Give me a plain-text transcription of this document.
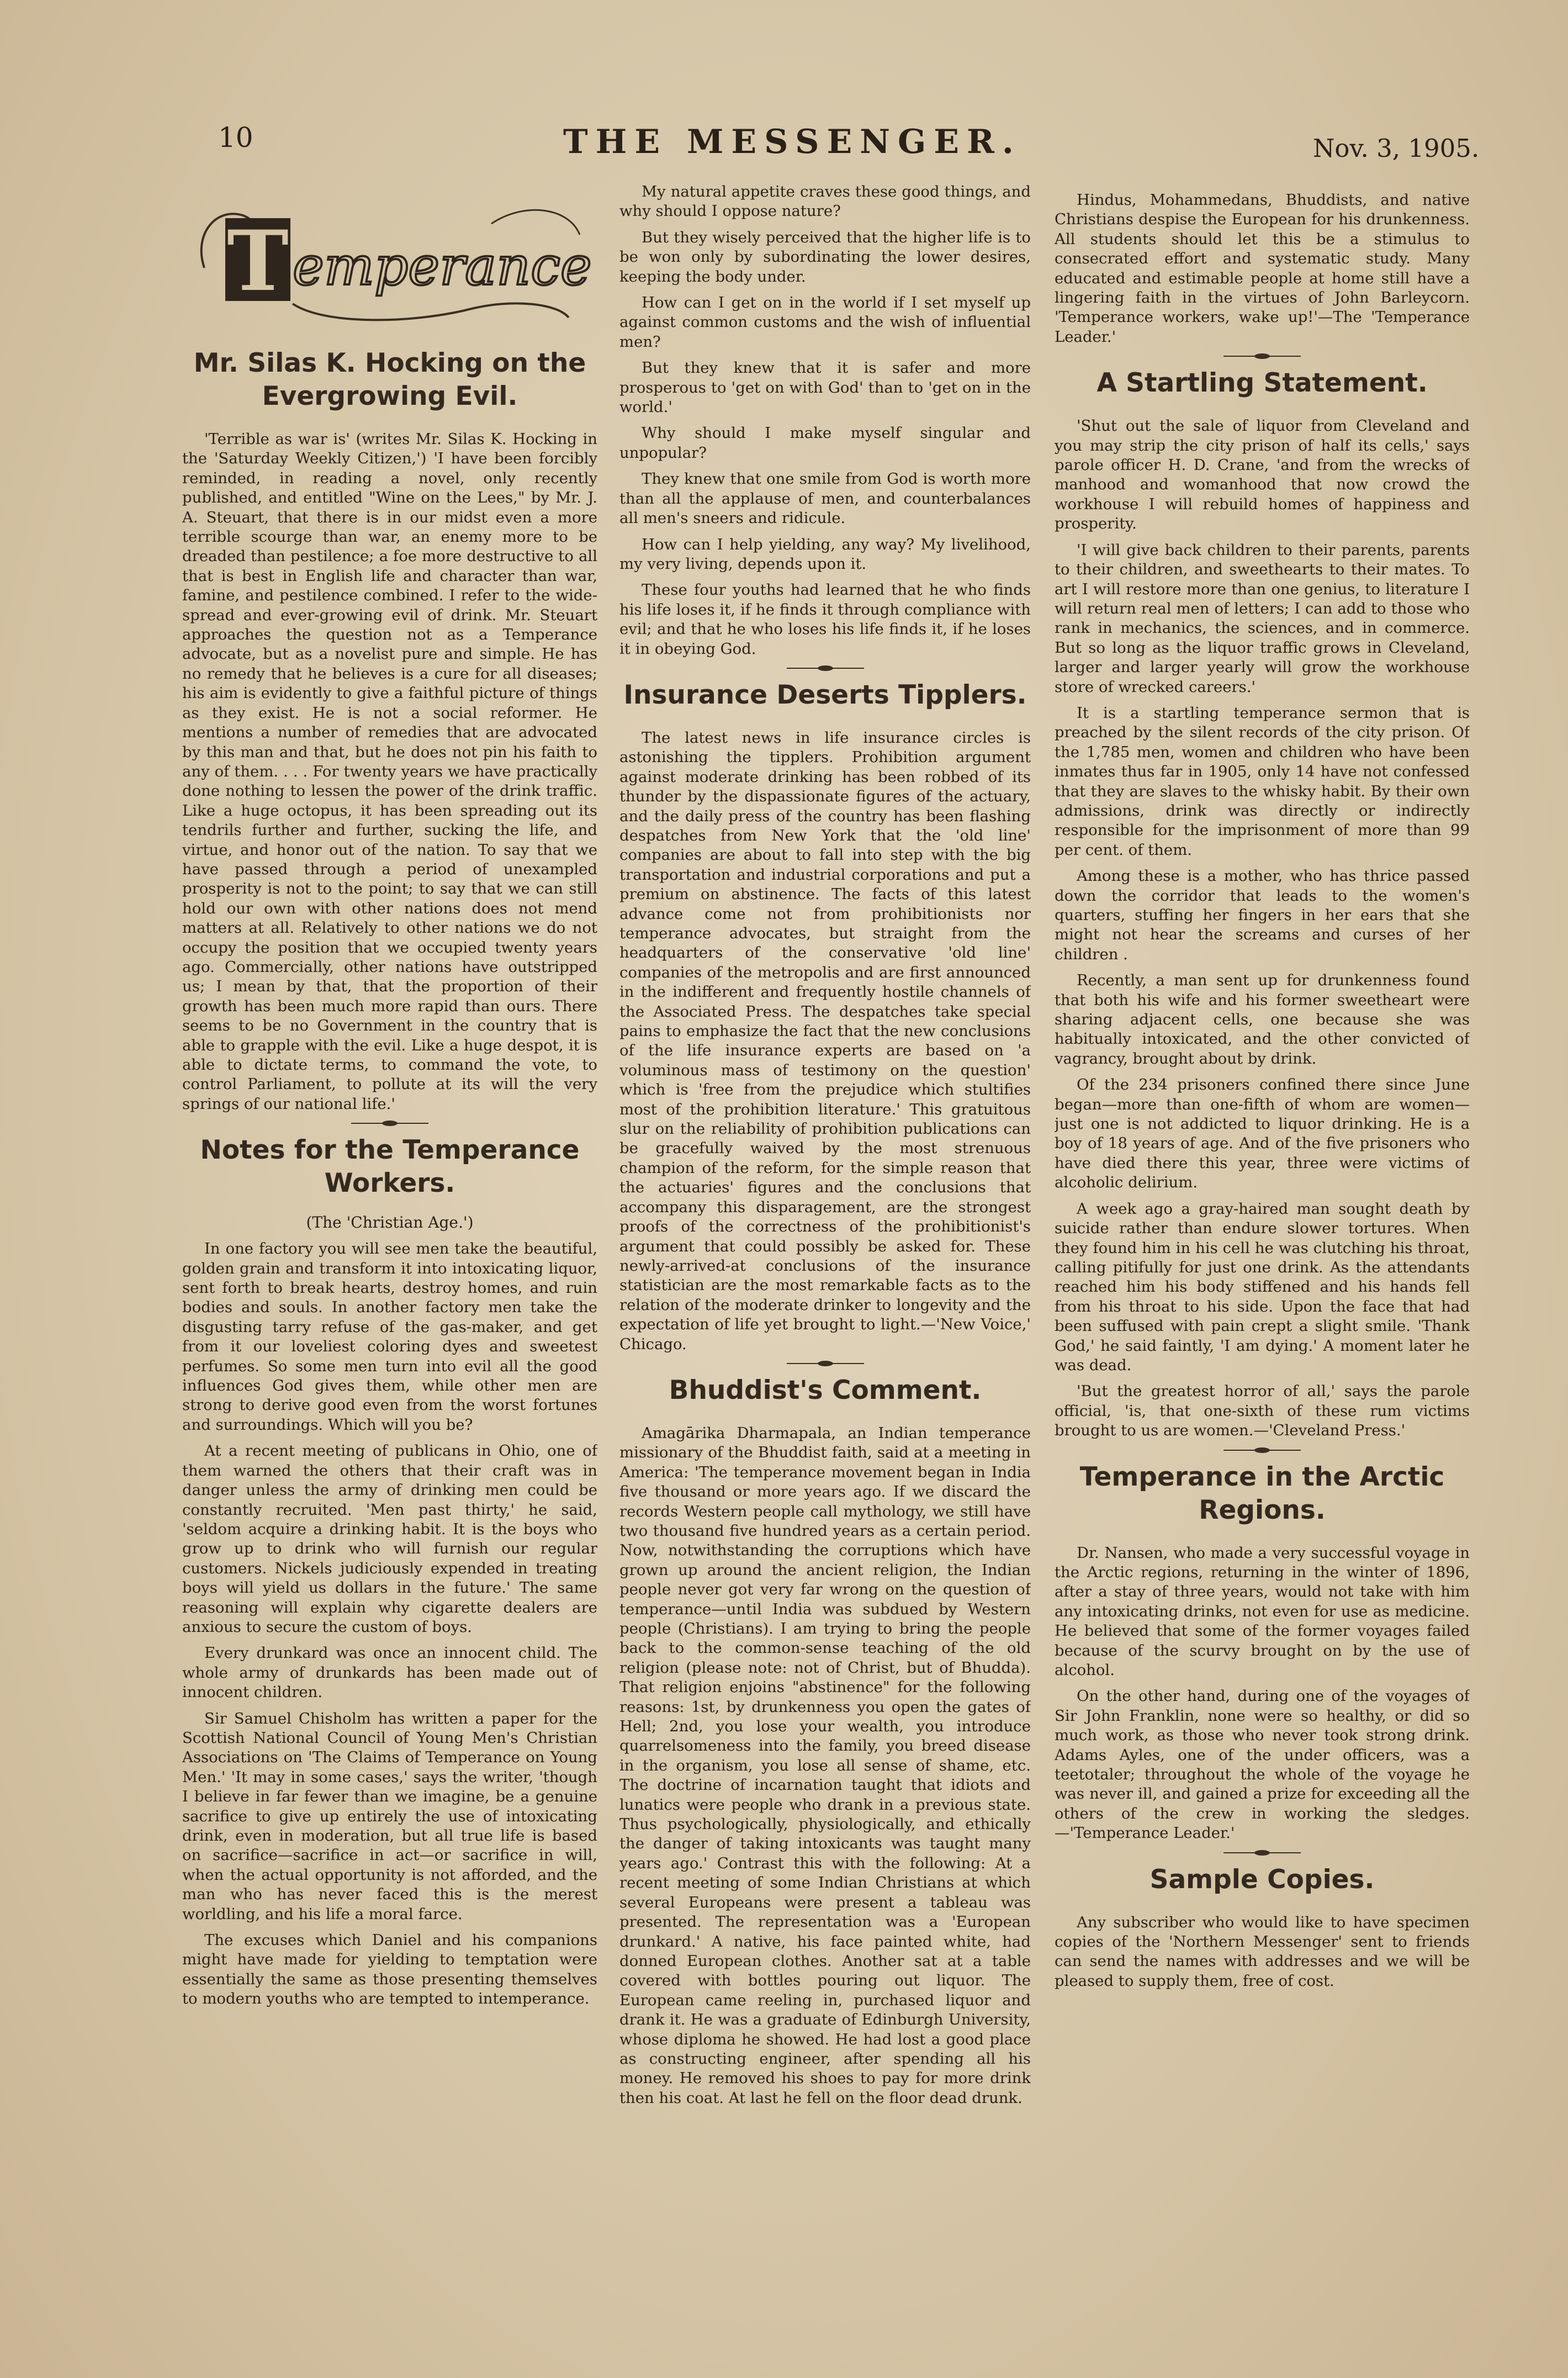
10	THE MESSENGER.	Nov. 3, 1905.
T emperance
Mr. Silas K. Hocking on the Evergrowing Evil.

'Terrible as war is' (writes Mr. Silas K. Hocking in the 'Saturday Weekly Citizen,') 'I have been forcibly reminded, in reading a novel, only recently published, and entitled "Wine on the Lees," by Mr. J. A. Steuart, that there is in our midst even a more terrible scourge than war, an enemy more to be dreaded than pestilence; a foe more destructive to all that is best in English life and character than war, famine, and pestilence combined. I refer to the wide-spread and ever-growing evil of drink. Mr. Steuart approaches the question not as a Temperance advocate, but as a novelist pure and simple. He has no remedy that he believes is a cure for all diseases; his aim is evidently to give a faithful picture of things as they exist. He is not a social reformer. He mentions a number of remedies that are advocated by this man and that, but he does not pin his faith to any of them. . . . For twenty years we have practically done nothing to lessen the power of the drink traffic. Like a huge octopus, it has been spreading out its tendrils further and further, sucking the life, and virtue, and honor out of the nation. To say that we have passed through a period of unexampled prosperity is not to the point; to say that we can still hold our own with other nations does not mend matters at all. Relatively to other nations we do not occupy the position that we occupied twenty years ago. Commercially, other nations have outstripped us; I mean by that, that the proportion of their growth has been much more rapid than ours. There seems to be no Government in the country that is able to grapple with the evil. Like a huge despot, it is able to dictate terms, to command the vote, to control Parliament, to pollute at its will the very springs of our national life.'

Notes for the Temperance Workers.
(The 'Christian Age.')

In one factory you will see men take the beautiful, golden grain and transform it into intoxicating liquor, sent forth to break hearts, destroy homes, and ruin bodies and souls. In another factory men take the disgusting tarry refuse of the gas-maker, and get from it our loveliest coloring dyes and sweetest perfumes. So some men turn into evil all the good influences God gives them, while other men are strong to derive good even from the worst fortunes and surroundings. Which will you be?

At a recent meeting of publicans in Ohio, one of them warned the others that their craft was in danger unless the army of drinking men could be constantly recruited. 'Men past thirty,' he said, 'seldom acquire a drinking habit. It is the boys who grow up to drink who will furnish our regular customers. Nickels judiciously expended in treating boys will yield us dollars in the future.' The same reasoning will explain why cigarette dealers are anxious to secure the custom of boys.

Every drunkard was once an innocent child. The whole army of drunkards has been made out of innocent children.

Sir Samuel Chisholm has written a paper for the Scottish National Council of Young Men's Christian Associations on 'The Claims of Temperance on Young Men.' 'It may in some cases,' says the writer, 'though I believe in far fewer than we imagine, be a genuine sacrifice to give up entirely the use of intoxicating drink, even in moderation, but all true life is based on sacrifice—sacrifice in act—or sacrifice in will, when the actual opportunity is not afforded, and the man who has never faced this is the merest worldling, and his life a moral farce.

The excuses which Daniel and his companions might have made for yielding to temptation were essentially the same as those presenting themselves to modern youths who are tempted to intemperance.

My natural appetite craves these good things, and why should I oppose nature?

But they wisely perceived that the higher life is to be won only by subordinating the lower desires, keeping the body under.

How can I get on in the world if I set myself up against common customs and the wish of influential men?

But they knew that it is safer and more prosperous to 'get on with God' than to 'get on in the world.'

Why should I make myself singular and unpopular?

They knew that one smile from God is worth more than all the applause of men, and counterbalances all men's sneers and ridicule.

How can I help yielding, any way? My livelihood, my very living, depends upon it.

These four youths had learned that he who finds his life loses it, if he finds it through compliance with evil; and that he who loses his life finds it, if he loses it in obeying God.

Insurance Deserts Tipplers.

The latest news in life insurance circles is astonishing the tipplers. Prohibition argument against moderate drinking has been robbed of its thunder by the dispassionate figures of the actuary, and the daily press of the country has been flashing despatches from New York that the 'old line' companies are about to fall into step with the big transportation and industrial corporations and put a premium on abstinence. The facts of this latest advance come not from prohibitionists nor temperance advocates, but straight from the headquarters of the conservative 'old line' companies of the metropolis and are first announced in the indifferent and frequently hostile channels of the Associated Press. The despatches take special pains to emphasize the fact that the new conclusions of the life insurance experts are based on 'a voluminous mass of testimony on the question' which is 'free from the prejudice which stultifies most of the prohibition literature.' This gratuitous slur on the reliability of prohibition publications can be gracefully waived by the most strenuous champion of the reform, for the simple reason that the actuaries' figures and the conclusions that accompany this disparagement, are the strongest proofs of the correctness of the prohibitionist's argument that could possibly be asked for. These newly-arrived-at conclusions of the insurance statistician are the most remarkable facts as to the relation of the moderate drinker to longevity and the expectation of life yet brought to light.—'New Voice,' Chicago.

Bhuddist's Comment.

Amagārika Dharmapala, an Indian temperance missionary of the Bhuddist faith, said at a meeting in America: 'The temperance movement began in India five thousand or more years ago. If we discard the records Western people call mythology, we still have two thousand five hundred years as a certain period. Now, notwithstanding the corruptions which have grown up around the ancient religion, the Indian people never got very far wrong on the question of temperance—until India was subdued by Western people (Christians). I am trying to bring the people back to the common-sense teaching of the old religion (please note: not of Christ, but of Bhudda). That religion enjoins "abstinence" for the following reasons: 1st, by drunkenness you open the gates of Hell; 2nd, you lose your wealth, you introduce quarrelsomeness into the family, you breed disease in the organism, you lose all sense of shame, etc. The doctrine of incarnation taught that idiots and lunatics were people who drank in a previous state. Thus psychologically, physiologically, and ethically the danger of taking intoxicants was taught many years ago.' Contrast this with the following: At a recent meeting of some Indian Christians at which several Europeans were present a tableau was presented. The representation was a 'European drunkard.' A native, his face painted white, had donned European clothes. Another sat at a table covered with bottles pouring out liquor. The European came reeling in, purchased liquor and drank it. He was a graduate of Edinburgh University, whose diploma he showed. He had lost a good place as constructing engineer, after spending all his money. He removed his shoes to pay for more drink then his coat. At last he fell on the floor dead drunk.

Hindus, Mohammedans, Bhuddists, and native Christians despise the European for his drunkenness. All students should let this be a stimulus to consecrated effort and systematic study. Many educated and estimable people at home still have a lingering faith in the virtues of John Barleycorn. 'Temperance workers, wake up!'—The 'Temperance Leader.'

A Startling Statement.

'Shut out the sale of liquor from Cleveland and you may strip the city prison of half its cells,' says parole officer H. D. Crane, 'and from the wrecks of manhood and womanhood that now crowd the workhouse I will rebuild homes of happiness and prosperity.

'I will give back children to their parents, parents to their children, and sweethearts to their mates. To art I will restore more than one genius, to literature I will return real men of letters; I can add to those who rank in mechanics, the sciences, and in commerce. But so long as the liquor traffic grows in Cleveland, larger and larger yearly will grow the workhouse store of wrecked careers.'

It is a startling temperance sermon that is preached by the silent records of the city prison. Of the 1,785 men, women and children who have been inmates thus far in 1905, only 14 have not confessed that they are slaves to the whisky habit. By their own admissions, drink was directly or indirectly responsible for the imprisonment of more than 99 per cent. of them.

Among these is a mother, who has thrice passed down the corridor that leads to the women's quarters, stuffing her fingers in her ears that she might not hear the screams and curses of her children .

Recently, a man sent up for drunkenness found that both his wife and his former sweetheart were sharing adjacent cells, one because she was habitually intoxicated, and the other convicted of vagrancy, brought about by drink.

Of the 234 prisoners confined there since June began—more than one-fifth of whom are women—just one is not addicted to liquor drinking. He is a boy of 18 years of age. And of the five prisoners who have died there this year, three were victims of alcoholic delirium.

A week ago a gray-haired man sought death by suicide rather than endure slower tortures. When they found him in his cell he was clutching his throat, calling pitifully for just one drink. As the attendants reached him his body stiffened and his hands fell from his throat to his side. Upon the face that had been suffused with pain crept a slight smile. 'Thank God,' he said faintly, 'I am dying.' A moment later he was dead.

'But the greatest horror of all,' says the parole official, 'is, that one-sixth of these rum victims brought to us are women.—'Cleveland Press.'

Temperance in the Arctic Regions.

Dr. Nansen, who made a very successful voyage in the Arctic regions, returning in the winter of 1896, after a stay of three years, would not take with him any intoxicating drinks, not even for use as medicine. He believed that some of the former voyages failed because of the scurvy brought on by the use of alcohol.

On the other hand, during one of the voyages of Sir John Franklin, none were so healthy, or did so much work, as those who never took strong drink. Adams Ayles, one of the under officers, was a teetotaler; throughout the whole of the voyage he was never ill, and gained a prize for exceeding all the others of the crew in working the sledges.—'Temperance Leader.'

Sample Copies.

Any subscriber who would like to have specimen copies of the 'Northern Messenger' sent to friends can send the names with addresses and we will be pleased to supply them, free of cost.
